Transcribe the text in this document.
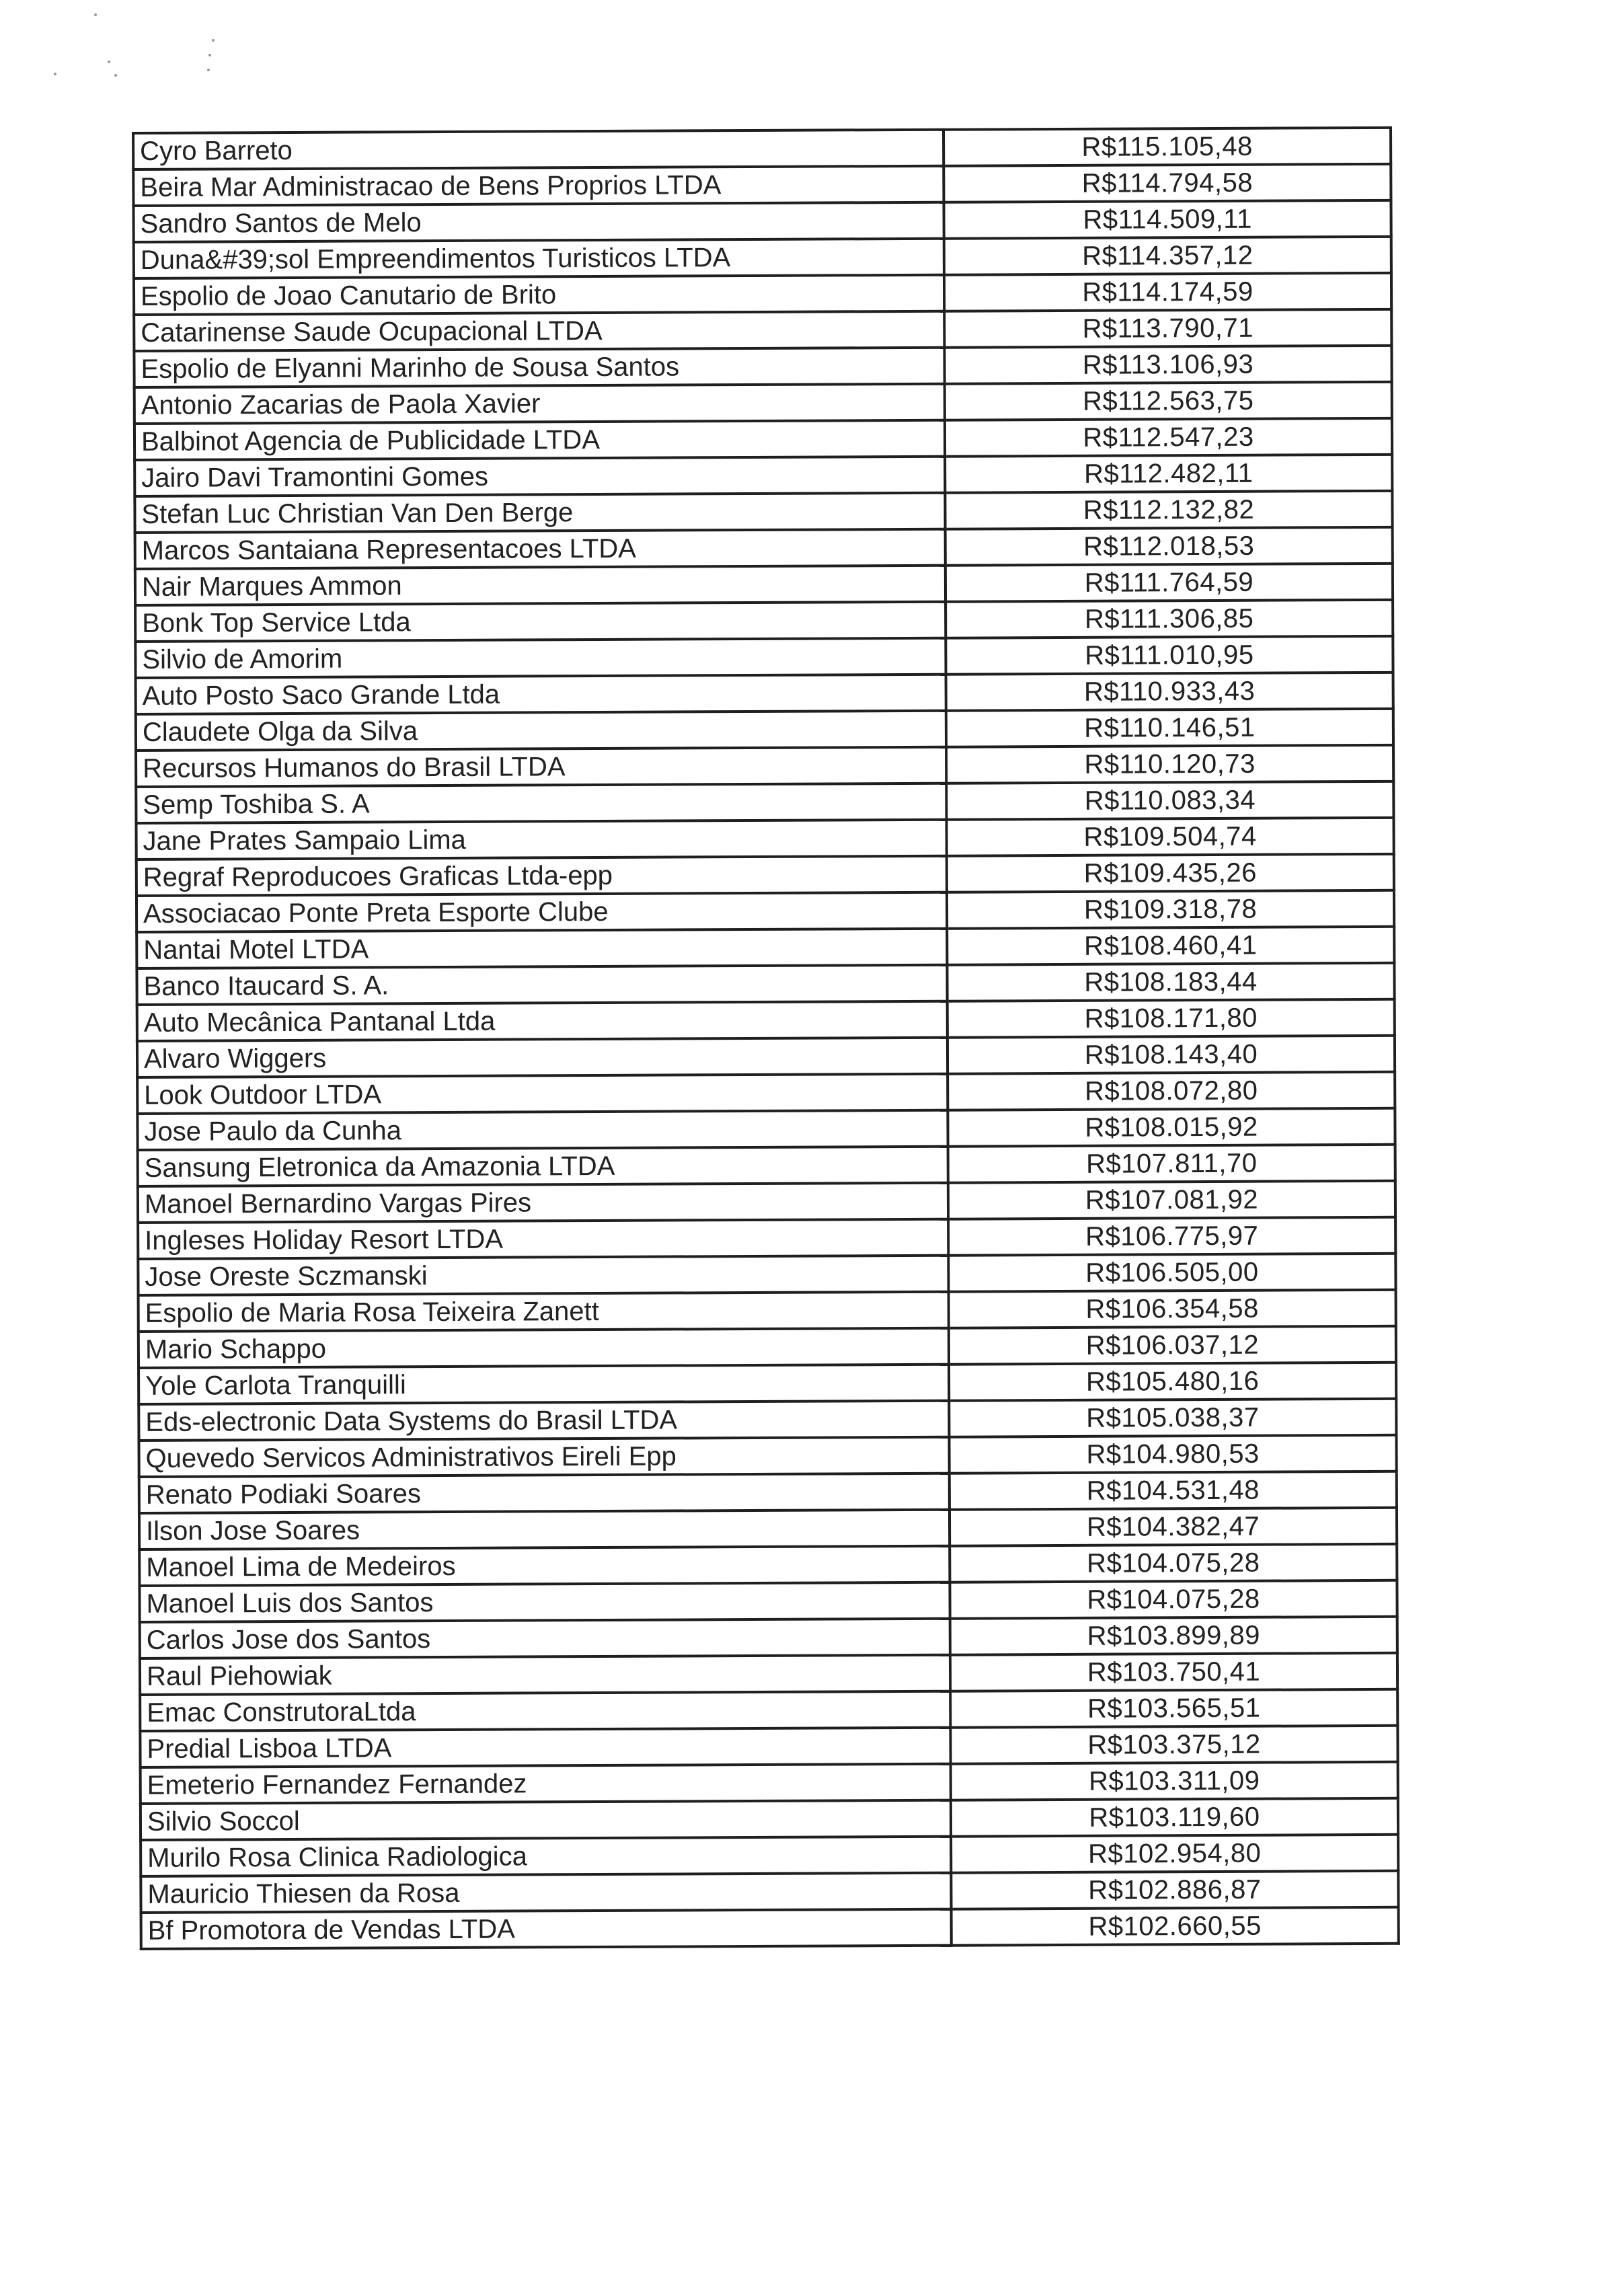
Cyro Barreto	R$115.105,48
Beira Mar Administracao de Bens Proprios LTDA	R$114.794,58
Sandro Santos de Melo	R$114.509,11
Duna&#39;sol Empreendimentos Turisticos LTDA	R$114.357,12
Espolio de Joao Canutario de Brito	R$114.174,59
Catarinense Saude Ocupacional LTDA	R$113.790,71
Espolio de Elyanni Marinho de Sousa Santos	R$113.106,93
Antonio Zacarias de Paola Xavier	R$112.563,75
Balbinot Agencia de Publicidade LTDA	R$112.547,23
Jairo Davi Tramontini Gomes	R$112.482,11
Stefan Luc Christian Van Den Berge	R$112.132,82
Marcos Santaiana Representacoes LTDA	R$112.018,53
Nair Marques Ammon	R$111.764,59
Bonk Top Service Ltda	R$111.306,85
Silvio de Amorim	R$111.010,95
Auto Posto Saco Grande Ltda	R$110.933,43
Claudete Olga da Silva	R$110.146,51
Recursos Humanos do Brasil LTDA	R$110.120,73
Semp Toshiba S. A	R$110.083,34
Jane Prates Sampaio Lima	R$109.504,74
Regraf Reproducoes Graficas Ltda-epp	R$109.435,26
Associacao Ponte Preta Esporte Clube	R$109.318,78
Nantai Motel LTDA	R$108.460,41
Banco Itaucard S. A.	R$108.183,44
Auto Mecânica Pantanal Ltda	R$108.171,80
Alvaro Wiggers	R$108.143,40
Look Outdoor LTDA	R$108.072,80
Jose Paulo da Cunha	R$108.015,92
Sansung Eletronica da Amazonia LTDA	R$107.811,70
Manoel Bernardino Vargas Pires	R$107.081,92
Ingleses Holiday Resort LTDA	R$106.775,97
Jose Oreste Sczmanski	R$106.505,00
Espolio de Maria Rosa Teixeira Zanett	R$106.354,58
Mario Schappo	R$106.037,12
Yole Carlota Tranquilli	R$105.480,16
Eds-electronic Data Systems do Brasil LTDA	R$105.038,37
Quevedo Servicos Administrativos Eireli Epp	R$104.980,53
Renato Podiaki Soares	R$104.531,48
Ilson Jose Soares	R$104.382,47
Manoel Lima de Medeiros	R$104.075,28
Manoel Luis dos Santos	R$104.075,28
Carlos Jose dos Santos	R$103.899,89
Raul Piehowiak	R$103.750,41
Emac ConstrutoraLtda	R$103.565,51
Predial Lisboa LTDA	R$103.375,12
Emeterio Fernandez Fernandez	R$103.311,09
Silvio Soccol	R$103.119,60
Murilo Rosa Clinica Radiologica	R$102.954,80
Mauricio Thiesen da Rosa	R$102.886,87
Bf Promotora de Vendas LTDA	R$102.660,55
